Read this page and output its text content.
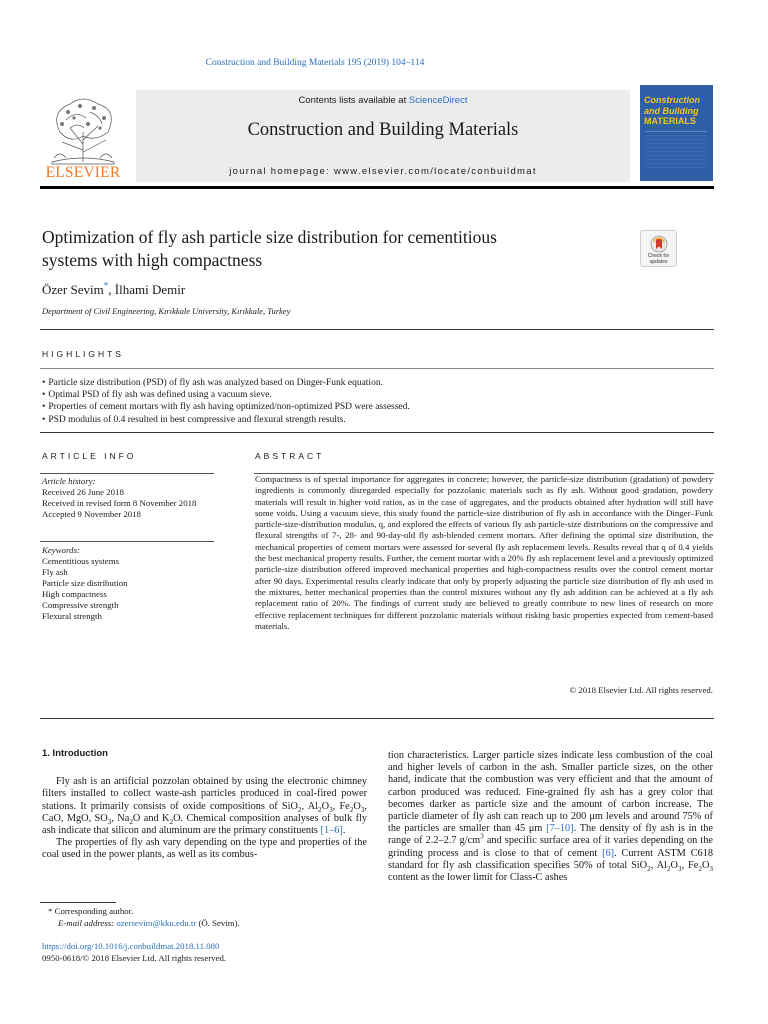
Construction and Building Materials 195 (2019) 104–114
ELSEVIER
Contents lists available at ScienceDirect
Construction and Building Materials
journal homepage: www.elsevier.com/locate/conbuildmat
Construction
and Building
MATERIALS
Optimization of fly ash particle size distribution for cementitious
systems with high compactness	Check for
updates
Özer Sevim*, İlhami Demir
Department of Civil Engineering, Kırıkkale University, Kırıkkale, Turkey
HIGHLIGHTS
• Particle size distribution (PSD) of fly ash was analyzed based on Dinger-Funk equation.
• Optimal PSD of fly ash was defined using a vacuum sieve.
• Properties of cement mortars with fly ash having optimized/non-optimized PSD were assessed.
• PSD modulus of 0.4 resulted in best compressive and flexural strength results.
ARTICLE INFO	ABSTRACT
Article history:
Received 26 June 2018
Received in revised form 8 November 2018
Accepted 9 November 2018
Keywords:
Cementitious systems
Fly ash
Particle size distribution
High compactness
Compressive strength
Flexural strength
Compactness is of special importance for aggregates in concrete; however, the particle-size distribution (gradation) of powdery ingredients is commonly disregarded especially for pozzolanic materials such as fly ash. Without good gradation, powdery materials will result in higher void ratios, as in the case of aggregates, and the products obtained after hydration will still have some voids. Using a vacuum sieve, this study found the particle-size distribution of fly ash in accordance with the Dinger–Funk particle-size-distribution modulus, q, and explored the effects of various fly ash particle-size distributions on the compressive and flexural strengths of 7-, 28- and 90-day-old fly ash-blended cement mortars. After defining the optimal size distribution, the mechanical properties of cement mortars were assessed for several fly ash replacement levels. Results reveal that q of 0.4 yields the best mechanical property results. Further, the cement mortar with a 20% fly ash replacement level and a previously optimized particle-size distribution offered improved mechanical properties and high-compactness results over the control cement mortar after 90 days. Experimental results clearly indicate that only by properly adjusting the particle size distribution of fly ash used in the mixtures, better mechanical properties than the control mixtures without any fly ash addition can be achieved at a fly ash replacement ratio of 20%. The findings of current study are believed to greatly contribute to new lines of research on more effective replacement techniques for different pozzolanic materials without risking basic properties expected from cement-based materials.
© 2018 Elsevier Ltd. All rights reserved.
1. Introduction

Fly ash is an artificial pozzolan obtained by using the electronic chimney filters installed to collect waste-ash particles produced in coal-fired power stations. It primarily consists of oxide compositions of SiO$_2$, $Al_2O_3$, $Fe_2O_3$, CaO, MgO, $SO_3$, $Na_2O$ and $K_2O$. Chemical composition analyses of bulk fly ash indicate that silicon and aluminum are the primary constituents [1–6].

The properties of fly ash vary depending on the type and properties of the coal used in the power plants, as well as its combus-

tion characteristics. Larger particle sizes indicate less combustion of the coal and higher levels of carbon in the ash. Smaller particle sizes, on the other hand, indicate that the combustion was very efficient and that the amount of carbon produced was reduced. Fine-grained fly ash has a grey color that becomes darker as particle size and the amount of carbon increase. The particle diameter of fly ash can reach up to 200 μm levels and around 75% of the particles are smaller than 45 μm [7–10]. The density of fly ash is in the range of 2.2–2.7 $g/cm^3$ and specific surface area of it varies depending on the grinding process and is close to that of cement [6]. Current ASTM C618 standard for fly ash classification specifies 50% of total SiO$_2$, $Al_2O_3$, $Fe_2O_3$ content as the lower limit for Class-C ashes

* Corresponding author.
E-mail address: ozersevim@kku.edu.tr (Ö. Sevim).
https://doi.org/10.1016/j.conbuildmat.2018.11.080
0950-0618/© 2018 Elsevier Ltd. All rights reserved.
